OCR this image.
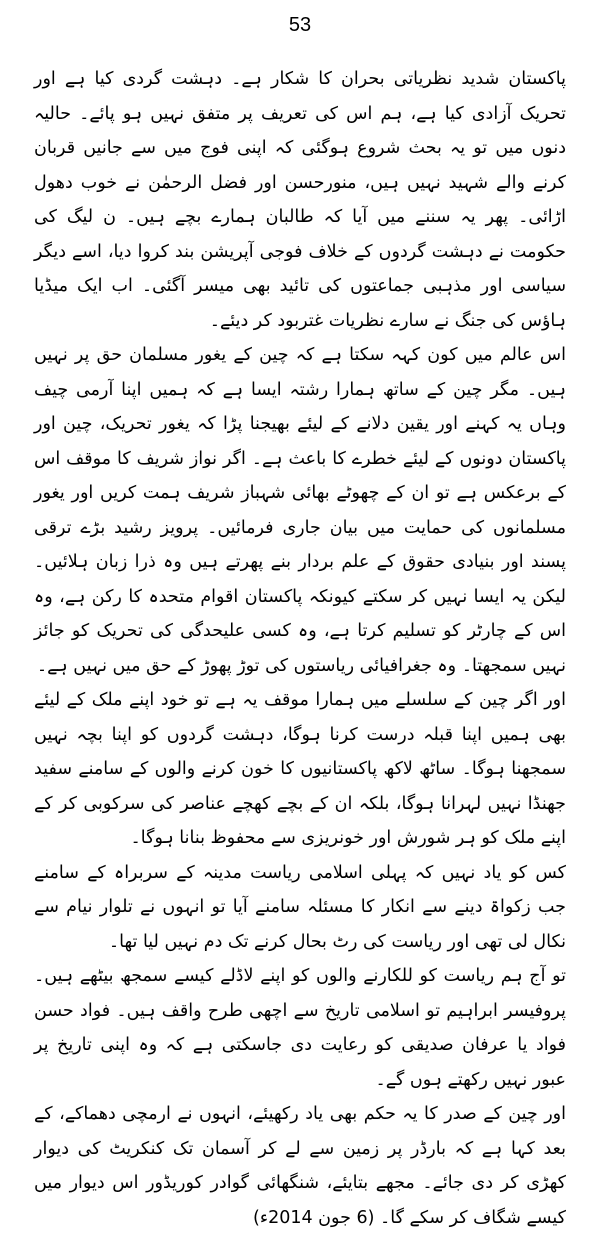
53

پاکستان شدید نظریاتی بحران کا شکار ہے۔ دہشت گردی کیا ہے اور تحریک آزادی کیا ہے، ہم اس کی تعریف پر متفق نہیں ہو پائے۔ حالیہ دنوں میں تو یہ بحث شروع ہوگئی کہ اپنی فوج میں سے جانیں قربان کرنے والے شہید نہیں ہیں، منورحسن اور فضل الرحمٰن نے خوب دھول اڑائی۔ پھر یہ سننے میں آیا کہ طالبان ہمارے بچے ہیں۔ ن لیگ کی حکومت نے دہشت گردوں کے خلاف فوجی آپریشن بند کروا دیا، اسے دیگر سیاسی اور مذہبی جماعتوں کی تائید بھی میسر آگئی۔ اب ایک میڈیا ہاؤس کی جنگ نے سارے نظریات غتربود کر دیئے۔

اس عالم میں کون کہہ سکتا ہے کہ چین کے یغور مسلمان حق پر نہیں ہیں۔ مگر چین کے ساتھ ہمارا رشتہ ایسا ہے کہ ہمیں اپنا آرمی چیف وہاں یہ کہنے اور یقین دلانے کے لیئے بھیجنا پڑا کہ یغور تحریک، چین اور پاکستان دونوں کے لیئے خطرے کا باعث ہے۔ اگر نواز شریف کا موقف اس کے برعکس ہے تو ان کے چھوٹے بھائی شہباز شریف ہمت کریں اور یغور مسلمانوں کی حمایت میں بیان جاری فرمائیں۔ پرویز رشید بڑے ترقی پسند اور بنیادی حقوق کے علم بردار بنے پھرتے ہیں وہ ذرا زبان ہلائیں۔ لیکن یہ ایسا نہیں کر سکتے کیونکہ پاکستان اقوام متحدہ کا رکن ہے، وہ اس کے چارٹر کو تسلیم کرتا ہے، وہ کسی علیحدگی کی تحریک کو جائز نہیں سمجھتا۔ وہ جغرافیائی ریاستوں کی توڑ پھوڑ کے حق میں نہیں ہے۔

اور اگر چین کے سلسلے میں ہمارا موقف یہ ہے تو خود اپنے ملک کے لیئے بھی ہمیں اپنا قبلہ درست کرنا ہوگا، دہشت گردوں کو اپنا بچہ نہیں سمجھنا ہوگا۔ ساٹھ لاکھ پاکستانیوں کا خون کرنے والوں کے سامنے سفید جھنڈا نہیں لہرانا ہوگا، بلکہ ان کے بچے کھچے عناصر کی سرکوبی کر کے اپنے ملک کو ہر شورش اور خونریزی سے محفوظ بنانا ہوگا۔

کس کو یاد نہیں کہ پہلی اسلامی ریاست مدینہ کے سربراہ کے سامنے جب زکواۃ دینے سے انکار کا مسئلہ سامنے آیا تو انہوں نے تلوار نیام سے نکال لی تھی اور ریاست کی رٹ بحال کرنے تک دم نہیں لیا تھا۔

تو آج ہم ریاست کو للکارنے والوں کو اپنے لاڈلے کیسے سمجھ بیٹھے ہیں۔ پروفیسر ابراہیم تو اسلامی تاریخ سے اچھی طرح واقف ہیں۔ فواد حسن فواد یا عرفان صدیقی کو رعایت دی جاسکتی ہے کہ وہ اپنی تاریخ پر عبور نہیں رکھتے ہوں گے۔

اور چین کے صدر کا یہ حکم بھی یاد رکھیئے، انہوں نے ارمچی دھماکے، کے بعد کہا ہے کہ بارڈر پر زمین سے لے کر آسمان تک کنکریٹ کی دیوار کھڑی کر دی جائے۔ مجھے بتایئے، شنگھائی گوادر کوریڈور اس دیوار میں کیسے شگاف کر سکے گا۔ (6 جون 2014ء)
